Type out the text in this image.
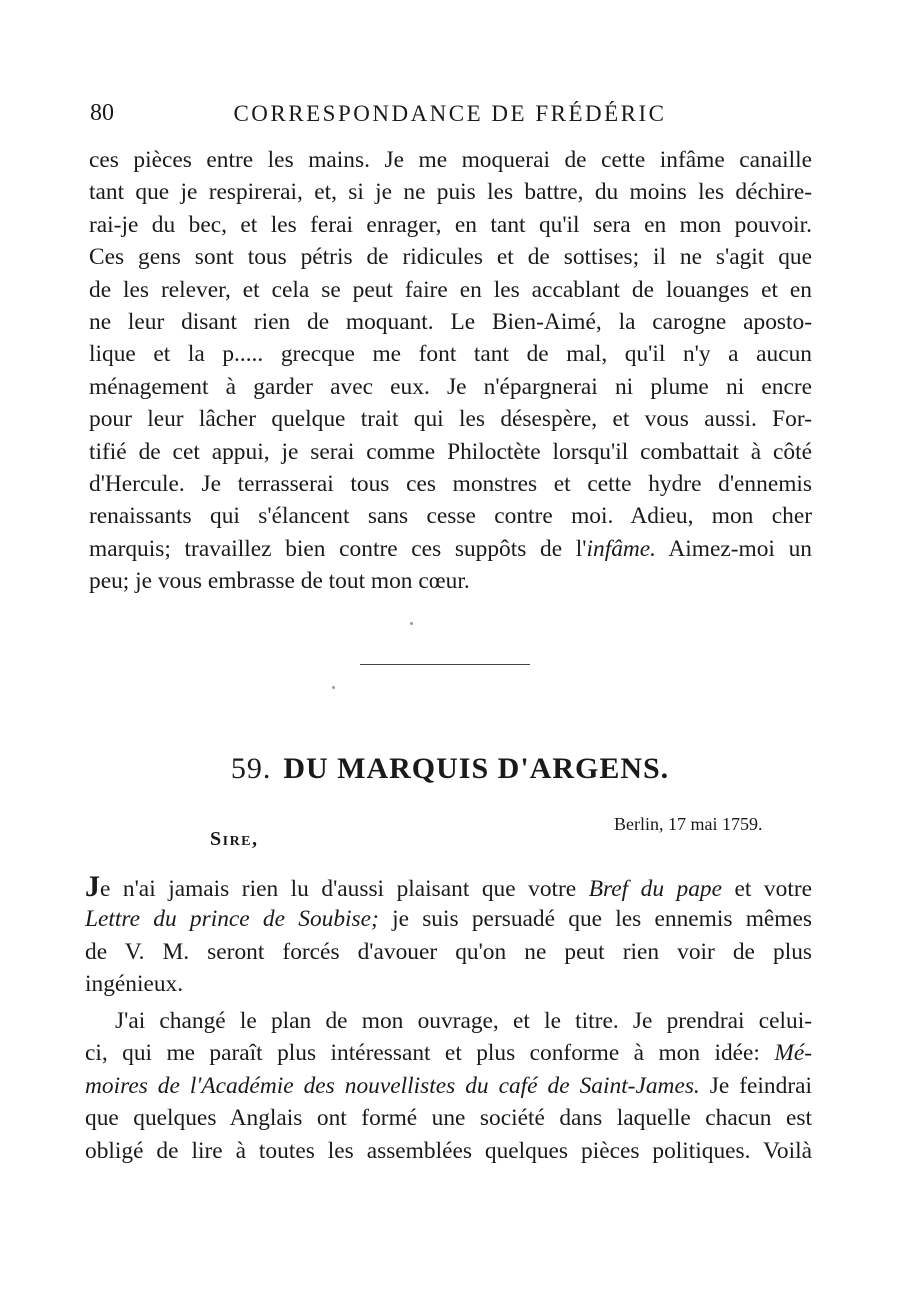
80	CORRESPONDANCE DE FRÉDÉRIC
ces pièces entre les mains. Je me moquerai de cette infâme canaille
tant que je respirerai, et, si je ne puis les battre, du moins les déchire-
rai-je du bec, et les ferai enrager, en tant qu'il sera en mon pouvoir.
Ces gens sont tous pétris de ridicules et de sottises; il ne s'agit que
de les relever, et cela se peut faire en les accablant de louanges et en
ne leur disant rien de moquant. Le Bien-Aimé, la carogne aposto-
lique et la p..... grecque me font tant de mal, qu'il n'y a aucun
ménagement à garder avec eux. Je n'épargnerai ni plume ni encre
pour leur lâcher quelque trait qui les désespère, et vous aussi. For-
tifié de cet appui, je serai comme Philoctète lorsqu'il combattait à côté
d'Hercule. Je terrasserai tous ces monstres et cette hydre d'ennemis
renaissants qui s'élancent sans cesse contre moi. Adieu, mon cher
marquis; travaillez bien contre ces suppôts de l'infâme. Aimez-moi un
peu; je vous embrasse de tout mon cœur.
59. DU MARQUIS D'ARGENS.
Berlin, 17 mai 1759.
Sire,
Je n'ai jamais rien lu d'aussi plaisant que votre Bref du pape et votre
Lettre du prince de Soubise; je suis persuadé que les ennemis mêmes
de V. M. seront forcés d'avouer qu'on ne peut rien voir de plus
ingénieux.
J'ai changé le plan de mon ouvrage, et le titre. Je prendrai celui-
ci, qui me paraît plus intéressant et plus conforme à mon idée: Mé-
moires de l'Académie des nouvellistes du café de Saint-James. Je feindrai
que quelques Anglais ont formé une société dans laquelle chacun est
obligé de lire à toutes les assemblées quelques pièces politiques. Voilà
